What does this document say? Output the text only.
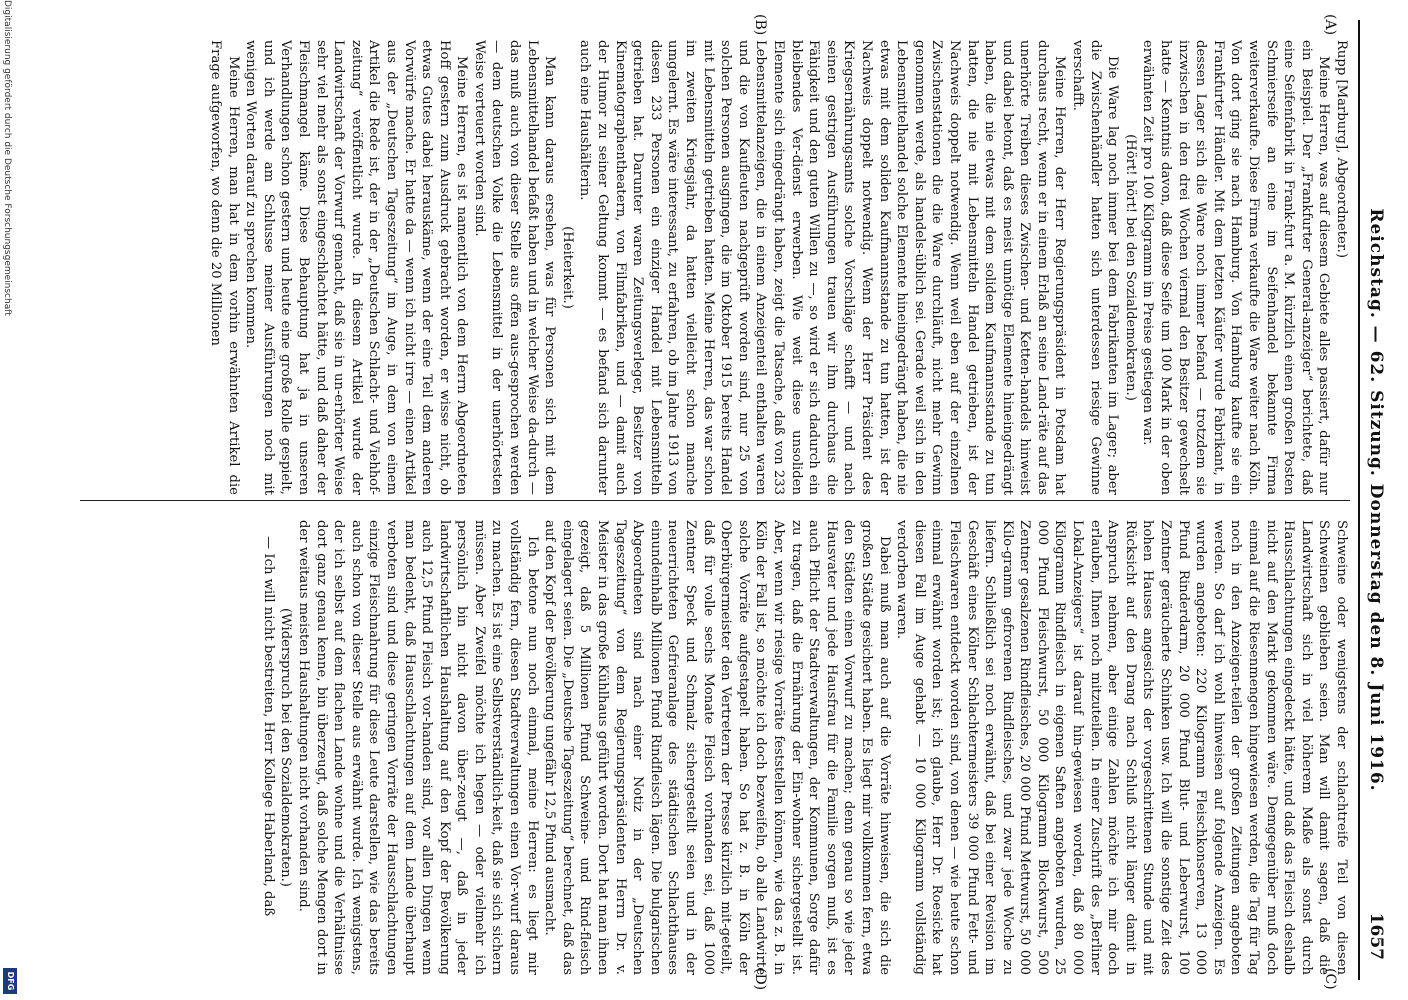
Reichstag. — 62. Sitzung. Donnerstag den 8. Juni 1916.
1657
(A)
(B)
(C)
(D)

Rupp [Marburg], Abgeordneter.)

Meine Herren, was auf diesem Gebiete alles passiert, dafür nur ein Beispiel. Der „Frankfurter General-anzeiger“ berichtete, daß eine Seifenfabrik in Frank-furt a. M. kürzlich einen großen Posten Schmierseife an eine im Seifenhandel bekannte Firma weiterverkaufte. Diese Firma verkaufte die Ware weiter nach Köln. Von dort ging sie nach Hamburg. Von Hamburg kaufte sie ein Frankfurter Händler. Mit dem letzten Käufer wurde Fabrikant, in dessen Lager sich die Ware noch immer befand — trotzdem sie inzwischen in den drei Wochen viermal den Besitzer gewechselt hatte — Kenntnis davon, daß diese Seife um 100 Mark in der oben erwähnten Zeit pro 100 Kilogramm im Preise gestiegen war.

(Hört! hört! bei den Sozialdemokraten.)

Die Ware lag noch immer bei dem Fabrikanten im Lager; aber die Zwischenhändler hatten sich unterdessen riesige Gewinne verschafft.

Meine Herren, der Herr Regierungspräsident in Potsdam hat durchaus recht, wenn er in einem Erlaß an seine Land-räte auf das unerhörte Treiben dieses Zwischen- und Ketten-handels hinweist und dabei betont, daß es meist unnötige Elemente hineingedrängt haben, die nie etwas mit dem solidem Kaufmannsstande zu tun hatten, die nie mit Lebensmitteln Handel getrieben, ist der Nachweis doppelt notwendig. Wenn weil eben auf der einzelnen Zwischenstationen die die Ware durchläuft, nicht mehr Gewinn genommen werde, als handels-üblich sei. Gerade weil sich in den Lebensmittelhandel solche Elemente hineingedrängt haben, die nie etwas mit dem soliden Kaufmannsstande zu tun hatten, ist der Nachweis doppelt notwendig. Wenn der Herr Präsident des Kriegsernährungsamts solche Vorschläge schafft — und nach seinen gestrigen Ausführungen trauen wir ihm durchaus die Fähigkeit und den guten Willen zu —, so wird er sich dadurch ein bleibendes Ver-dienst erwerben. Wie weit diese unsoliden Elemente sich eingedrängt haben, zeigt die Tatsache, daß von 233 Lebensmittelanzeigen, die in einem Anzeigenteil enthalten waren und die von Kaufleuten nachgeprüft worden sind, nur 25 von solchen Personen ausgingen, die im Oktober 1915 bereits Handel mit Lebensmitteln getrieben hatten. Meine Herren, das war schon im zweiten Kriegsjahr, da hatten vielleicht schon manche umgelernt. Es wäre interessant, zu erfahren, ob im Jahre 1913 von diesen 233 Personen ein einziger Handel mit Lebensmitteln getrieben hat. Darunter waren Zeitungsverleger, Besitzer von Kinematographentheatern, von Filmfabriken, und — damit auch der Humor zu seiner Geltung kommt — es befand sich darunter auch eine Haushälterin.

(Heiterkeit.)

Man kann daraus ersehen, was für Personen sich mit dem Lebensmittelhandel befaßt haben und in welcher Weise da-durch — das muß auch von dieser Stelle aus offen aus-gesprochen werden — dem deutschen Volke die Lebensmittel in der unerhörtesten Weise verteuert worden sind.

Meine Herren, es ist namentlich von dem Herrn Abgeordneten Hoff gestern zum Ausdruck gebracht worden, er wisse nicht, ob etwas Gutes dabei herauskäme, wenn der eine Teil dem anderen Vorwürfe mache. Er hatte da — wenn ich nicht irre — einen Artikel aus der „Deutschen Tageszeitung“ im Auge, in dem von einem Artikel die Rede ist, der in der „Deutschen Schlacht- und Viehhof-zeitung“ veröffentlicht wurde. In diesem Artikel wurde der Landwirtschaft der Vorwurf gemacht, daß sie in un-erhörter Weise sehr viel mehr als sonst eingeschlachtet hätte, und daß daher der Fleischmangel käme. Diese Behauptung hat ja in unseren Verhandlungen schon gestern und heute eine große Rolle gespielt, und ich werde am Schlusse meiner Ausführungen noch mit wenigen Worten darauf zu sprechen kommen.

Meine Herren, man hat in dem vorhin erwähnten Artikel die Frage aufgeworfen, wo denn die 20 Millionen

Schweine oder wenigstens der schlachtreife Teil von diesen Schweinen geblieben seien. Man will damit sagen, daß die Landwirtschaft sich in viel höherem Maße als sonst durch Hausschlachtungen eingedeckt hätte, und daß das Fleisch deshalb nicht auf den Markt gekommen wäre. Demgegenüber muß doch einmal auf die Riesenmengen hingewiesen werden, die Tag für Tag noch in den Anzeigen-teilen der großen Zeitungen angeboten werden. So darf ich wohl hinweisen auf folgende Anzeigen. Es wurden angeboten: 220 Kilogramm Fleischkonserven, 13 000 Pfund Rinderdarm, 20 000 Pfund Blut- und Leberwurst, 100 Zentner geräucherte Schinken usw. Ich will die sonstige Zeit des hohen Hauses angesichts der vorgeschrittenen Stunde und mit Rücksicht auf den Drang nach Schluß nicht länger damit in Anspruch nehmen, aber einige Zahlen möchte ich mir doch erlauben, Ihnen noch mitzuteilen. In einer Zuschrift des „Berliner Lokal-Anzeigers“ ist darauf hin-gewiesen worden, daß 80 000 Kilogramm Rindfleisch in eigenen Saften angeboten wurden, 25 000 Pfund Fleischwurst, 50 000 Kilogramm Blockwurst, 500 Zentner gesalzenen Rindfleisches, 20 000 Pfund Mettwurst, 50 000 Kilo-gramm gefrorenen Rindfleisches, und zwar jede Woche zu liefern. Schließlich sei noch erwähnt, daß bei einer Revision im Geschäft eines Kölner Schlachtermeisters 39 000 Pfund Fett- und Fleischwaren entdeckt worden sind, von denen — wie heute schon einmal erwähnt worden ist; ich glaube, Herr Dr. Roesicke hat diesen Fall im Auge gehabt — 10 000 Kilogramm vollständig verdorben waren.

Dabei muß man auch auf die Vorräte hinweisen, die sich die großen Städte gesichert haben. Es liegt mir vollkommen fern, etwa den Städten einen Vorwurf zu machen; denn genau so wie jeder Hausvater und jede Hausfrau für die Familie sorgen muß, ist es auch Pflicht der Stadtverwaltungen, der Kommunen, Sorge dafür zu tragen, daß die Ernährung der Ein-wohner sichergestellt ist. Aber, wenn wir riesige Vorräte feststellen können, wie das z. B. in Köln der Fall ist, so möchte ich doch bezweifeln, ob alle Landwirte solche Vorräte aufgestapelt haben. So hat z. B. in Köln der Oberbürgermeister den Vertretern der Presse kürzlich mit-geteilt, daß für volle sechs Monate Fleisch vorhanden sei, daß 1000 Zentner Speck und Schmalz sichergestellt seien und in der neuerrichteten Gefrieranlage des städtischen Schlachthauses einundeinhalb Millionen Pfund Rindfleisch lägen. Die bulgarischen Abgeordneten sind nach einer Notiz in der „Deutschen Tageszeitung“ von dem Regierungspräsidenten Herrn Dr. v. Meister in das große Kühlhaus geführt worden. Dort hat man ihnen gezeigt, daß 5 Millionen Pfund Schweine- und Rind-fleisch eingelagert seien. Die „Deutsche Tageszeitung“ berechnet, daß das auf den Kopf der Bevölkerung ungefähr 12,5 Pfund ausmacht.

Ich betone nun noch einmal, meine Herren: es liegt mir vollständig fern, diesen Stadtverwaltungen einen Vor-wurf daraus zu machen. Es ist eine Selbstverständlich-keit, daß sie sich sichern müssen. Aber Zweifel möchte ich hegen — oder vielmehr ich persönlich bin nicht davon über-zeugt —, daß in jeder landwirtschaftlichen Haushaltung auf den Kopf der Bevölkerung auch 12,5 Pfund Fleisch vor-handen sind, vor allen Dingen wenn man bedenkt, daß Hausschlachtungen auf dem Lande überhaupt verboten sind und diese geringen Vorräte der Hausschlachtungen einzige Fleischnahrung für diese Leute darstellen, wie das bereits auch schon von dieser Stelle aus erwähnt wurde. Ich wenigstens, der ich selbst auf dem flachen Lande wohne und die Verhältnisse dort ganz genau kenne, bin überzeugt, daß solche Mengen dort in der weitaus meisten Haushaltungen nicht vorhanden sind.

(Widerspruch bei den Sozialdemokraten.)

— Ich will nicht bestreiten, Herr Kollege Haberland, daß

Digitalisierung gefördert durch die Deutsche Forschungsgemeinschaft
DFG
